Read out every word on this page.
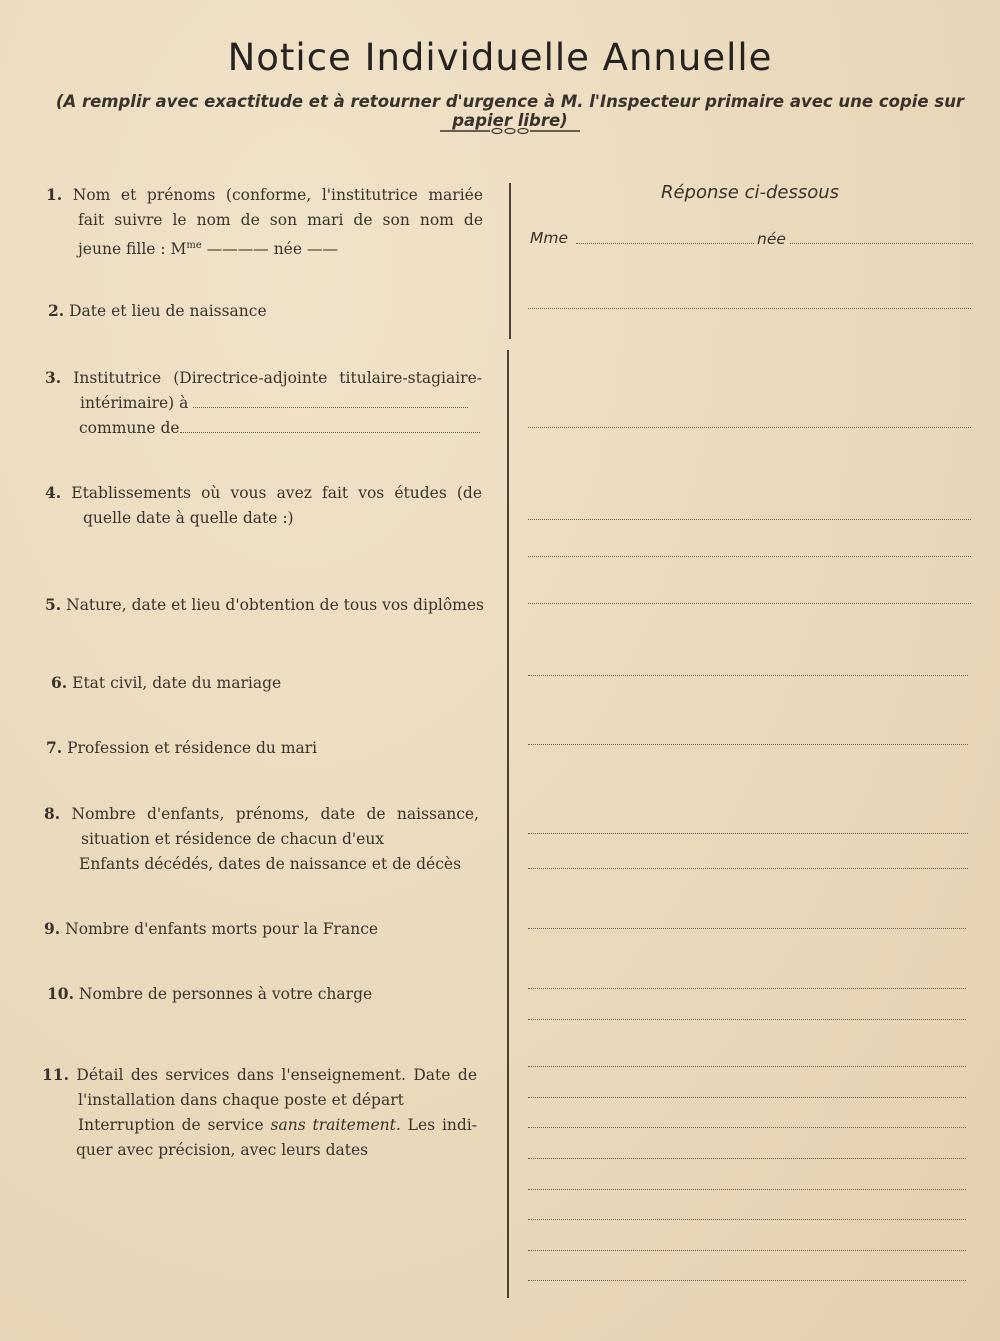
Notice Individuelle Annuelle
(A remplir avec exactitude et à retourner d'urgence à M. l'Inspecteur primaire avec une copie sur papier libre)
1. Nom et prénoms (conforme, l'institutrice mariée
fait suivre le nom de son mari de son nom de
jeune fille : $M^{me}$ ———— née ——
2. Date et lieu de naissance
3. Institutrice (Directrice-adjointe titulaire-stagiaire-
intérimaire) à
commune de
4. Etablissements où vous avez fait vos études (de
quelle date à quelle date :)
5. Nature, date et lieu d'obtention de tous vos diplômes
6. Etat civil, date du mariage
7. Profession et résidence du mari
8. Nombre d'enfants, prénoms, date de naissance,
situation et résidence de chacun d'eux
Enfants décédés, dates de naissance et de décès
9. Nombre d'enfants morts pour la France
10. Nombre de personnes à votre charge
11. Détail des services dans l'enseignement. Date de
l'installation dans chaque poste et départ
Interruption de service sans traitement. Les indi-
quer avec précision, avec leurs dates
Réponse ci-dessous
Mme	née
